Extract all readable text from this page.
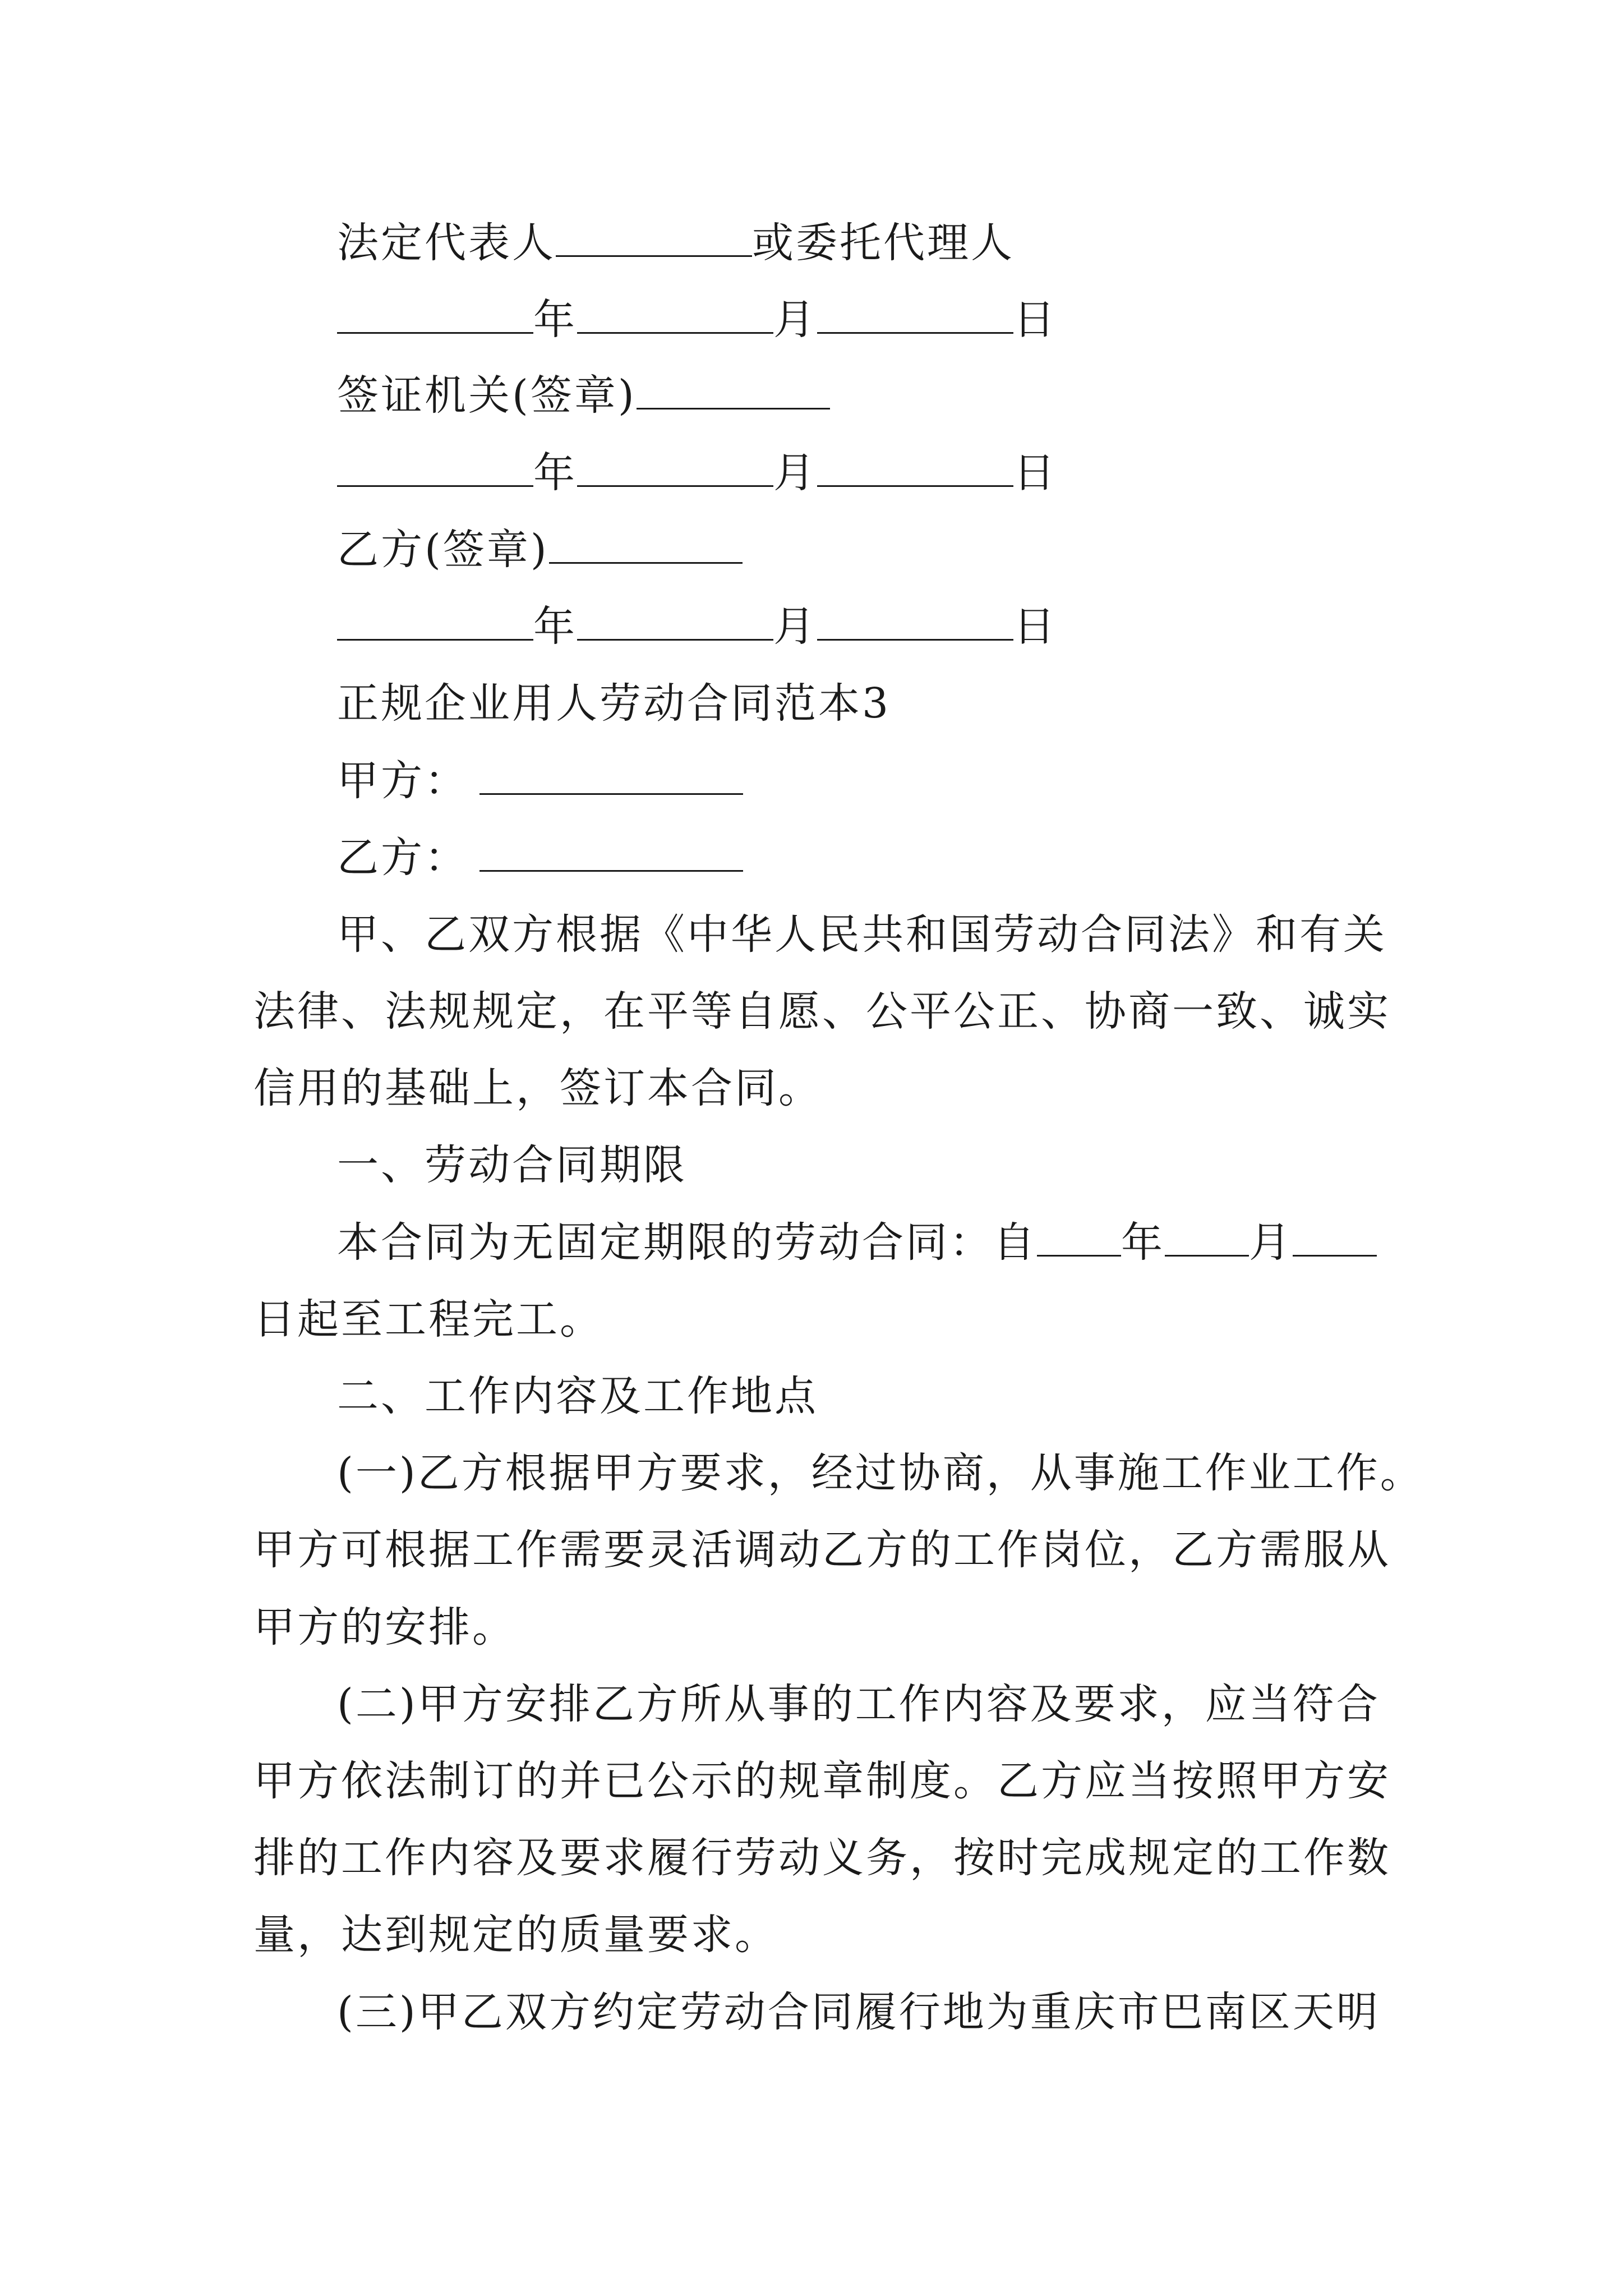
法定代表人	或委托代理人
年	月	日
签证机关(签章)
年	月	日
乙方(签章)
年	月	日
正规企业用人劳动合同范本3
甲方：
乙方：
甲、乙双方根据《中华人民共和国劳动合同法》和有关
法律、法规规定，在平等自愿、公平公正、协商一致、诚实
信用的基础上，签订本合同。
一、劳动合同期限
本合同为无固定期限的劳动合同：自 年 月
日起至工程完工。
二、工作内容及工作地点
(一)乙方根据甲方要求，经过协商，从事施工作业工作。
甲方可根据工作需要灵活调动乙方的工作岗位，乙方需服从
甲方的安排。
(二)甲方安排乙方所从事的工作内容及要求，应当符合
甲方依法制订的并已公示的规章制度。乙方应当按照甲方安
排的工作内容及要求履行劳动义务，按时完成规定的工作数
量，达到规定的质量要求。
(三)甲乙双方约定劳动合同履行地为重庆市巴南区天明
